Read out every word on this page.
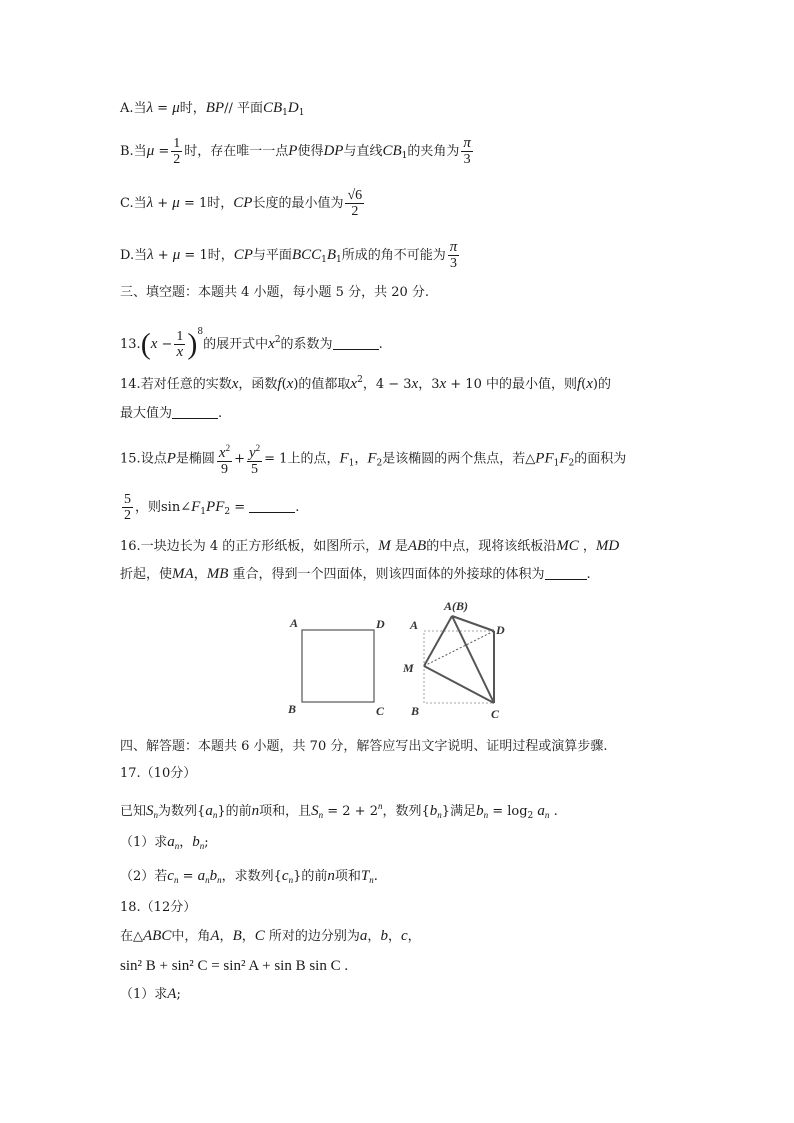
A.当λ = μ时，BP// 平面$CB_1D_1$
B.当$\mu = \frac{1}{2}$ 时，存在唯一一点P使得DP与直线$CB_1$的夹角为 $\frac{\pi}{3}$
C.当λ + μ = 1时，CP长度的最小值为 $\frac{√6}{2}$
D.当λ + μ = 1时，CP与平面$BCC_1B_1$所成的角不可能为 $\frac{\pi}{3}$
三、填空题：本题共 4 小题，每小题 5 分，共 20 分.
$13.(x - \frac{1}{x} )^8$的展开式中$x^2$的系数为	.
14.若对任意的实数x，函数f(x)的值都取$x^2$，4 − 3x，3x + 10 中的最小值，则f(x)的
最大值为	.
15.设点P是椭圆 $\frac{x^2}{9} + \frac{y^2}{5} = 1$上的点，$F_1$，$F_2$是该椭圆的两个焦点，若$\triangle PF_1F_2$的面积为
$\frac{5}{2}$ ，则$\sin\angle F_1PF_2$ =	.
16.一块边长为 4 的正方形纸板，如图所示，M 是AB的中点，现将该纸板沿MC ，MD
折起，使MA，MB 重合，得到一个四面体，则该四面体的外接球的体积为	.
A	D
B	C
A(B)
A	D
M
B	C
四、解答题：本题共 6 小题，共 70 分，解答应写出文字说明、证明过程或演算步骤.
17.（10分）
已知$S_n$为数列$\{a_n\}$的前n项和，且$S_n = 2 + 2^n$，数列$\{b_n\}$满足$b_n = \log_2 a_n$ .
（1）求$a_n$，$b_n$;
（2）若$c_n = a_nb_n$，求数列$\{c_n\}$的前n项和$T_n$.
18.（12分）
在△ABC中，角A，B，C 所对的边分别为a，b，c，
sin² B + sin² C = sin² A + sin B sin C .
（1）求A;
